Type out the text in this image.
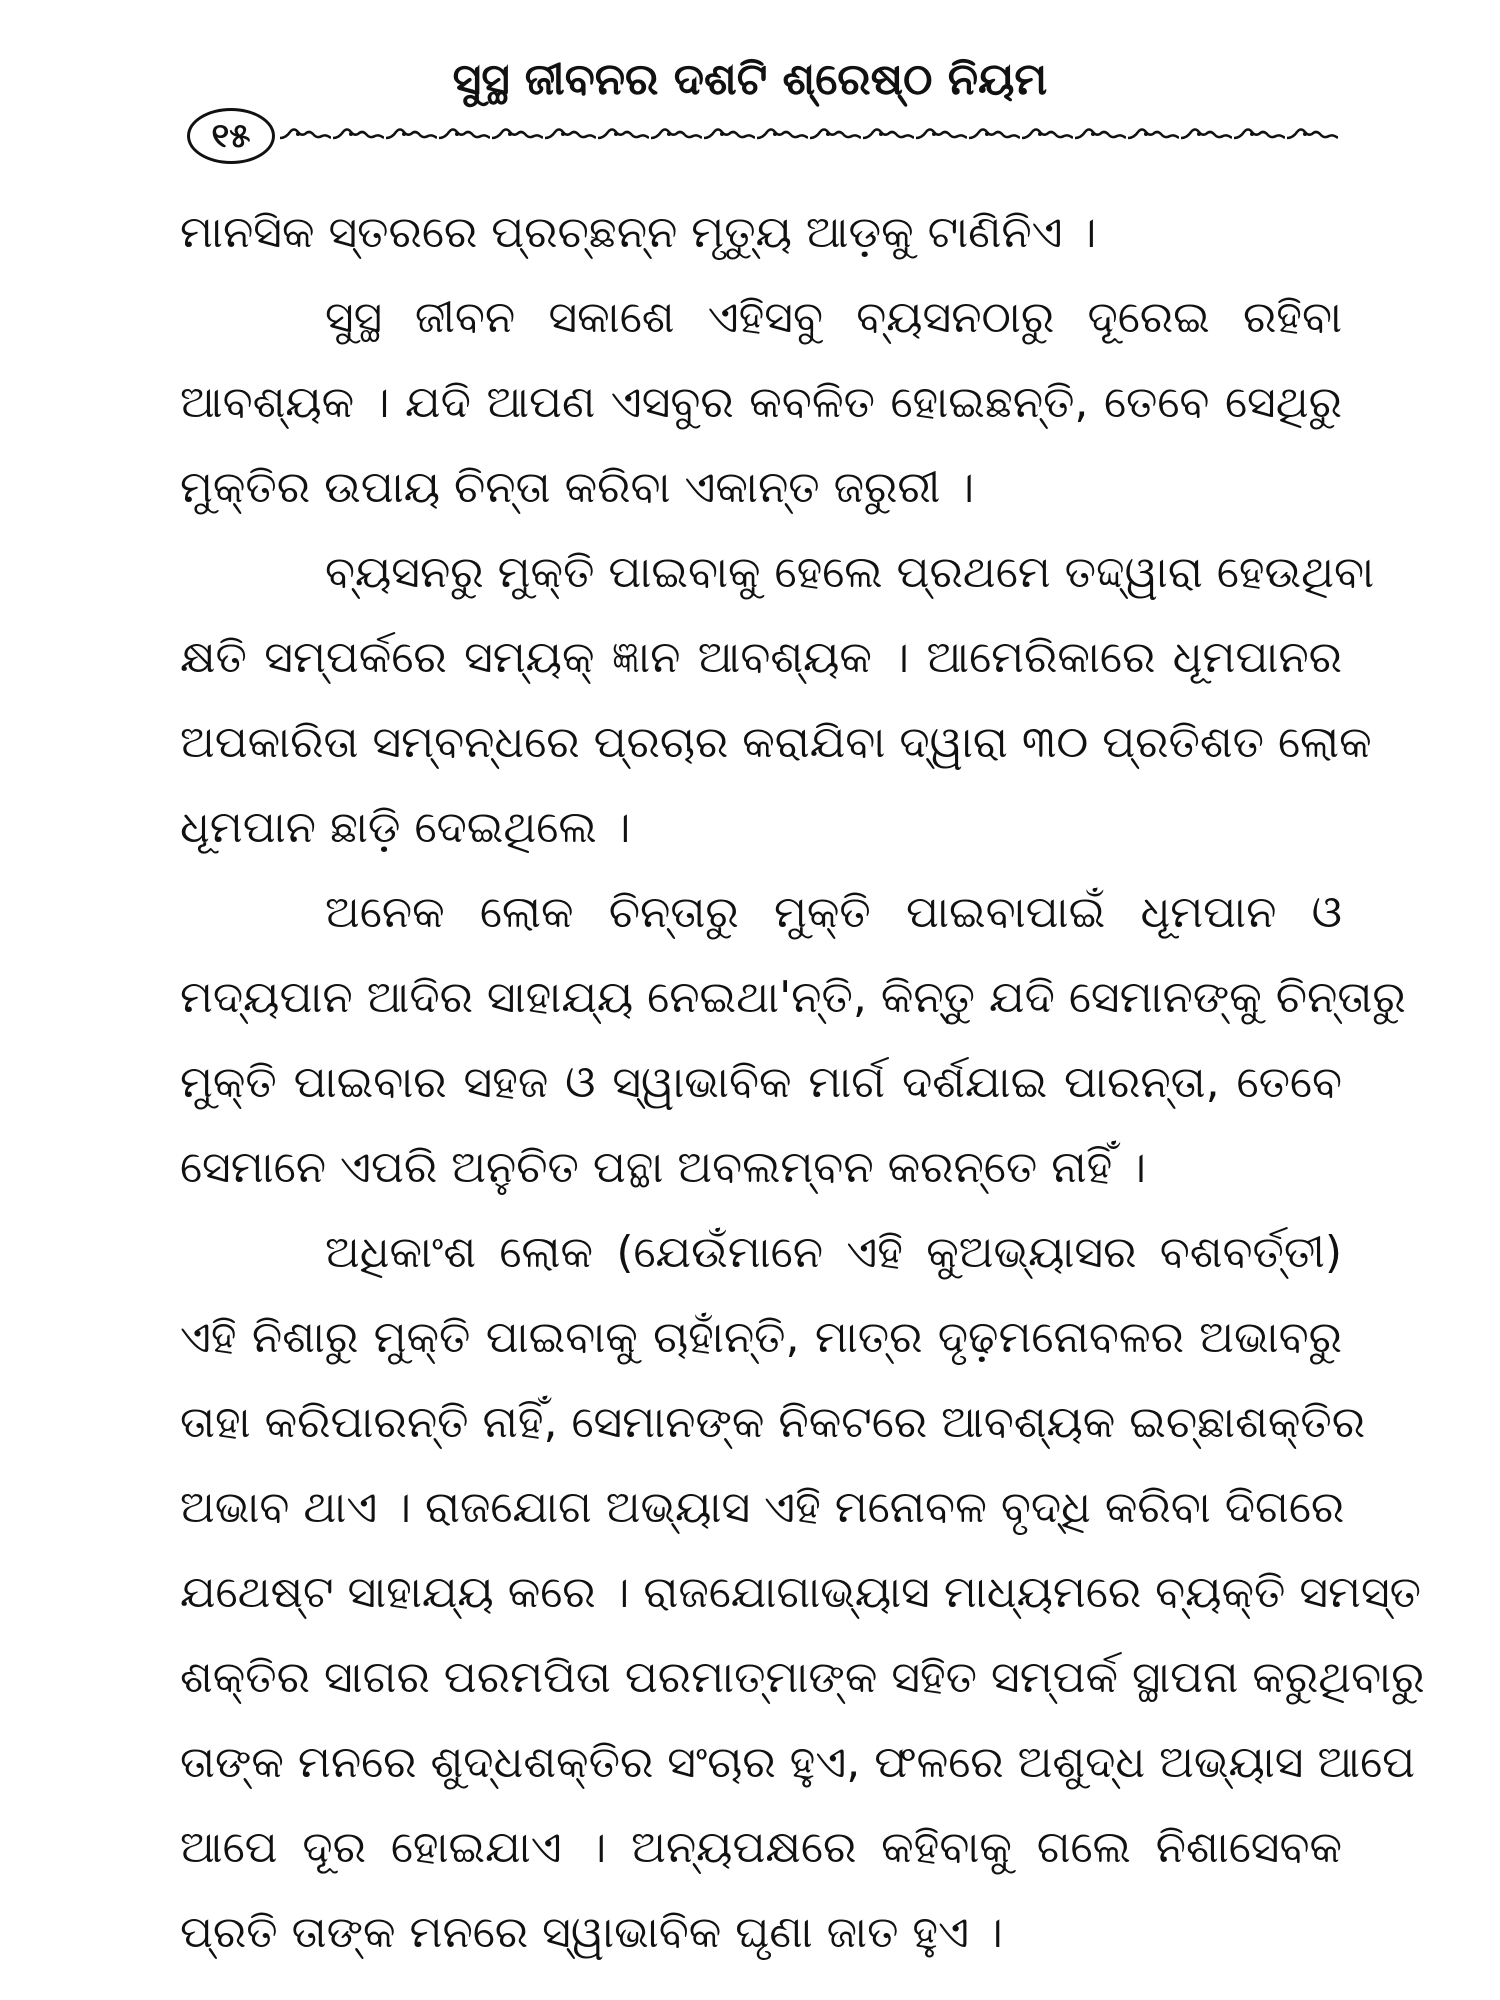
ସୁସ୍ଥ ଜୀବନର ଦଶଟି ଶ୍ରେଷ୍ଠ ନିୟମ
୧୫
ମାନସିକ ସ୍ତରରେ ପ୍ରଚ୍ଛନ୍ନ ମୃତ୍ୟୁ ଆଡ଼କୁ ଟାଣିନିଏ ।
ସୁସ୍ଥ ଜୀବନ ସକାଶେ ଏହିସବୁ ବ୍ୟସନଠାରୁ ଦୂରେଇ ରହିବା
ଆବଶ୍ୟକ । ଯଦି ଆପଣ ଏସବୁର କବଳିତ ହୋଇଛନ୍ତି, ତେବେ ସେଥିରୁ
ମୁକ୍ତିର ଉପାୟ ଚିନ୍ତା କରିବା ଏକାନ୍ତ ଜରୁରୀ ।
ବ୍ୟସନରୁ ମୁକ୍ତି ପାଇବାକୁ ହେଲେ ପ୍ରଥମେ ତଦ୍ଦ୍ୱାରା ହେଉଥିବା
କ୍ଷତି ସମ୍ପର୍କରେ ସମ୍ୟକ୍ ଜ୍ଞାନ ଆବଶ୍ୟକ । ଆମେରିକାରେ ଧୂମପାନର
ଅପକାରିତା ସମ୍ବନ୍ଧରେ ପ୍ରଚାର କରାଯିବା ଦ୍ୱାରା ୩୦ ପ୍ରତିଶତ ଲୋକ
ଧୂମପାନ ଛାଡ଼ି ଦେଇଥିଲେ ।
ଅନେକ ଲୋକ ଚିନ୍ତାରୁ ମୁକ୍ତି ପାଇବାପାଇଁ ଧୂମପାନ ଓ
ମଦ୍ୟପାନ ଆଦିର ସାହାଯ୍ୟ ନେଇଥା'ନ୍ତି, କିନ୍ତୁ ଯଦି ସେମାନଙ୍କୁ ଚିନ୍ତାରୁ
ମୁକ୍ତି ପାଇବାର ସହଜ ଓ ସ୍ୱାଭାବିକ ମାର୍ଗ ଦର୍ଶଯାଇ ପାରନ୍ତା, ତେବେ
ସେମାନେ ଏପରି ଅନୁଚିତ ପନ୍ଥା ଅବଲମ୍ବନ କରନ୍ତେ ନାହିଁ ।
ଅଧିକାଂଶ ଲୋକ (ଯେଉଁମାନେ ଏହି କୁଅଭ୍ୟାସର ବଶବର୍ତ୍ତୀ)
ଏହି ନିଶାରୁ ମୁକ୍ତି ପାଇବାକୁ ଚାହାଁନ୍ତି, ମାତ୍ର ଦୃଢ଼ମନୋବଳର ଅଭାବରୁ
ତାହା କରିପାରନ୍ତି ନାହିଁ, ସେମାନଙ୍କ ନିକଟରେ ଆବଶ୍ୟକ ଇଚ୍ଛାଶକ୍ତିର
ଅଭାବ ଥାଏ । ରାଜଯୋଗ ଅଭ୍ୟାସ ଏହି ମନୋବଳ ବୃଦ୍ଧି କରିବା ଦିଗରେ
ଯଥେଷ୍ଟ ସାହାଯ୍ୟ କରେ । ରାଜଯୋଗାଭ୍ୟାସ ମାଧ୍ୟମରେ ବ୍ୟକ୍ତି ସମସ୍ତ
ଶକ୍ତିର ସାଗର ପରମପିତା ପରମାତ୍ମାଙ୍କ ସହିତ ସମ୍ପର୍କ ସ୍ଥାପନା କରୁଥିବାରୁ
ତାଙ୍କ ମନରେ ଶୁଦ୍ଧଶକ୍ତିର ସଂଚାର ହୁଏ, ଫଳରେ ଅଶୁଦ୍ଧ ଅଭ୍ୟାସ ଆପେ
ଆପେ ଦୂର ହୋଇଯାଏ । ଅନ୍ୟପକ୍ଷରେ କହିବାକୁ ଗଲେ ନିଶାସେବକ
ପ୍ରତି ତାଙ୍କ ମନରେ ସ୍ୱାଭାବିକ ଘୃଣା ଜାତ ହୁଏ ।
